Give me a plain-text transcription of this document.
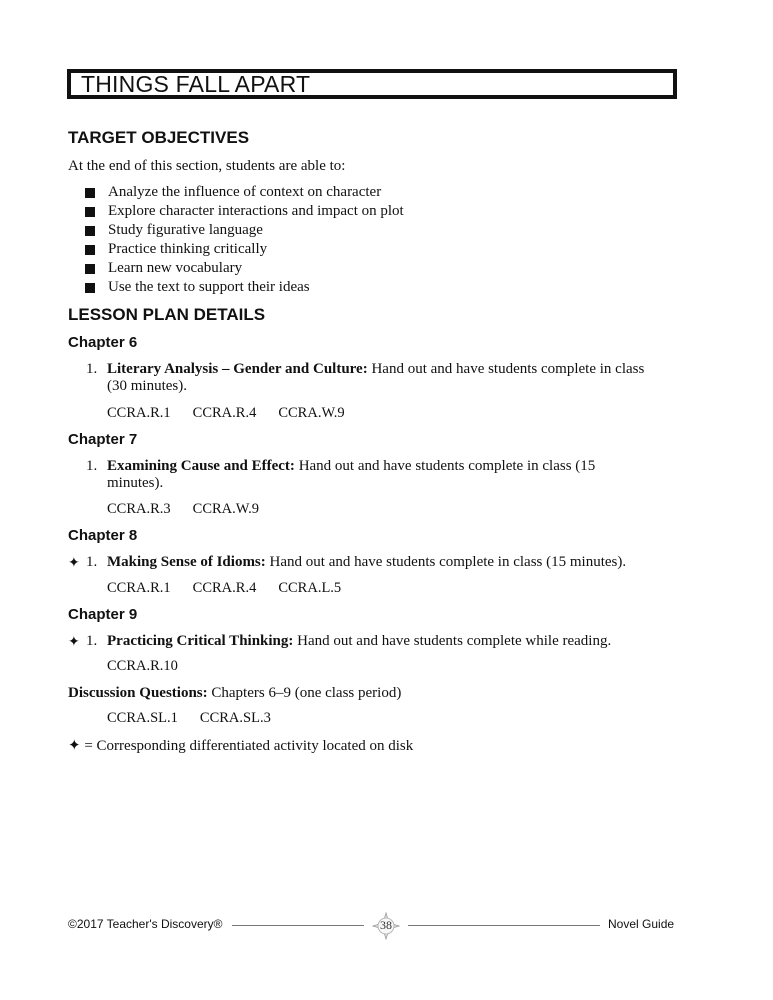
THINGS FALL APART
TARGET OBJECTIVES
At the end of this section, students are able to:
Analyze the influence of context on character
Explore character interactions and impact on plot
Study figurative language
Practice thinking critically
Learn new vocabulary
Use the text to support their ideas
LESSON PLAN DETAILS
Chapter 6
1. Literary Analysis – Gender and Culture: Hand out and have students complete in class
(30 minutes).
CCRA.R.1 CCRA.R.4 CCRA.W.9
Chapter 7
1. Examining Cause and Effect: Hand out and have students complete in class (15
minutes).
CCRA.R.3 CCRA.W.9
Chapter 8
✦ 1. Making Sense of Idioms: Hand out and have students complete in class (15 minutes).
CCRA.R.1 CCRA.R.4 CCRA.L.5
Chapter 9
✦ 1. Practicing Critical Thinking: Hand out and have students complete while reading.
CCRA.R.10
Discussion Questions: Chapters 6–9 (one class period)
CCRA.SL.1 CCRA.SL.3
✦ = Corresponding differentiated activity located on disk
©2017 Teacher's Discovery®	38	Novel Guide
